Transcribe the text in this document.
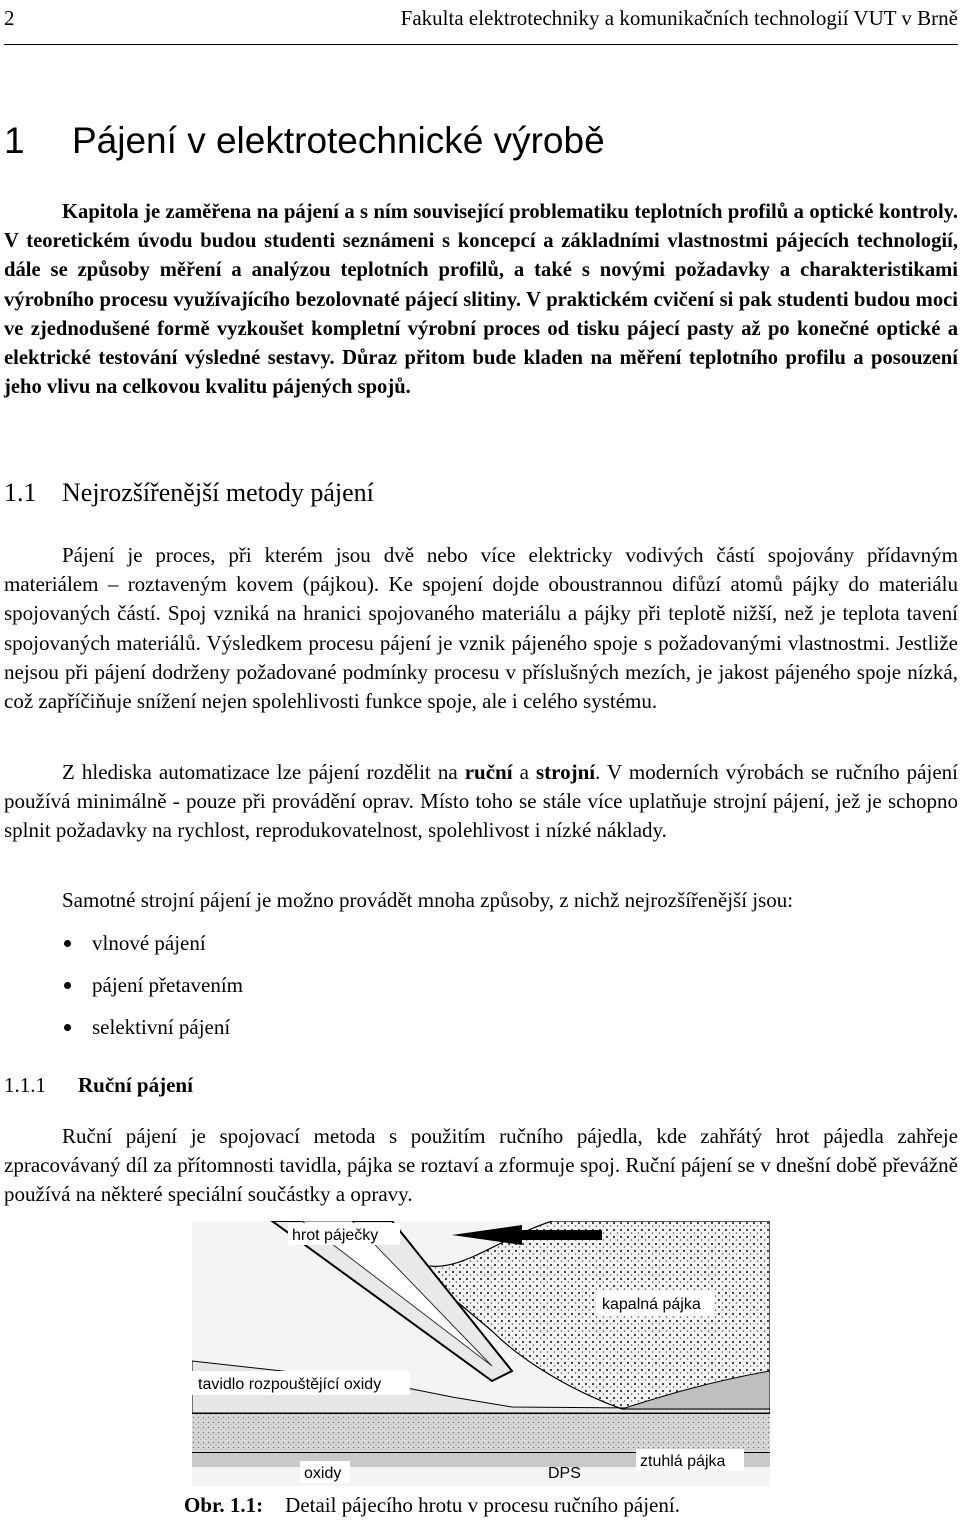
2	Fakulta elektrotechniky a komunikačních technologií VUT v Brně
1 Pájení v elektrotechnické výrobě

Kapitola je zaměřena na pájení a s ním související problematiku teplotních profilů a optické kontroly. V teoretickém úvodu budou studenti seznámeni s koncepcí a základními vlastnostmi pájecích technologií, dále se způsoby měření a analýzou teplotních profilů, a také s novými požadavky a charakteristikami výrobního procesu využívajícího bezolovnaté pájecí slitiny. V praktickém cvičení si pak studenti budou moci ve zjednodušené formě vyzkoušet kompletní výrobní proces od tisku pájecí pasty až po konečné optické a elektrické testování výsledné sestavy. Důraz přitom bude kladen na měření teplotního profilu a posouzení jeho vlivu na celkovou kvalitu pájených spojů.

1.1 Nejrozšířenější metody pájení

Pájení je proces, při kterém jsou dvě nebo více elektricky vodivých částí spojovány přídavným materiálem – roztaveným kovem (pájkou). Ke spojení dojde oboustrannou difůzí atomů pájky do materiálu spojovaných částí. Spoj vzniká na hranici spojovaného materiálu a pájky při teplotě nižší, než je teplota tavení spojovaných materiálů. Výsledkem procesu pájení je vznik pájeného spoje s požadovanými vlastnostmi. Jestliže nejsou při pájení dodrženy požadované podmínky procesu v příslušných mezích, je jakost pájeného spoje nízká, což zapříčiňuje snížení nejen spolehlivosti funkce spoje, ale i celého systému.

Z hlediska automatizace lze pájení rozdělit na ruční a strojní. V moderních výrobách se ručního pájení používá minimálně - pouze při provádění oprav. Místo toho se stále více uplatňuje strojní pájení, jež je schopno splnit požadavky na rychlost, reprodukovatelnost, spolehlivost i nízké náklady.

Samotné strojní pájení je možno provádět mnoha způsoby, z nichž nejrozšířenější jsou:

vlnové pájení
pájení přetavením
selektivní pájení
1.1.1 Ruční pájení

Ruční pájení je spojovací metoda s použitím ručního pájedla, kde zahřátý hrot pájedla zahřeje zpracovávaný díl za přítomnosti tavidla, pájka se roztaví a zformuje spoj. Ruční pájení se v dnešní době převážně používá na některé speciální součástky a opravy.

hrot páječky
kapalná pájka
tavidlo rozpouštějící oxidy
oxidy	DPS
ztuhlá pájka
Obr. 1.1: Detail pájecího hrotu v procesu ručního pájení.
